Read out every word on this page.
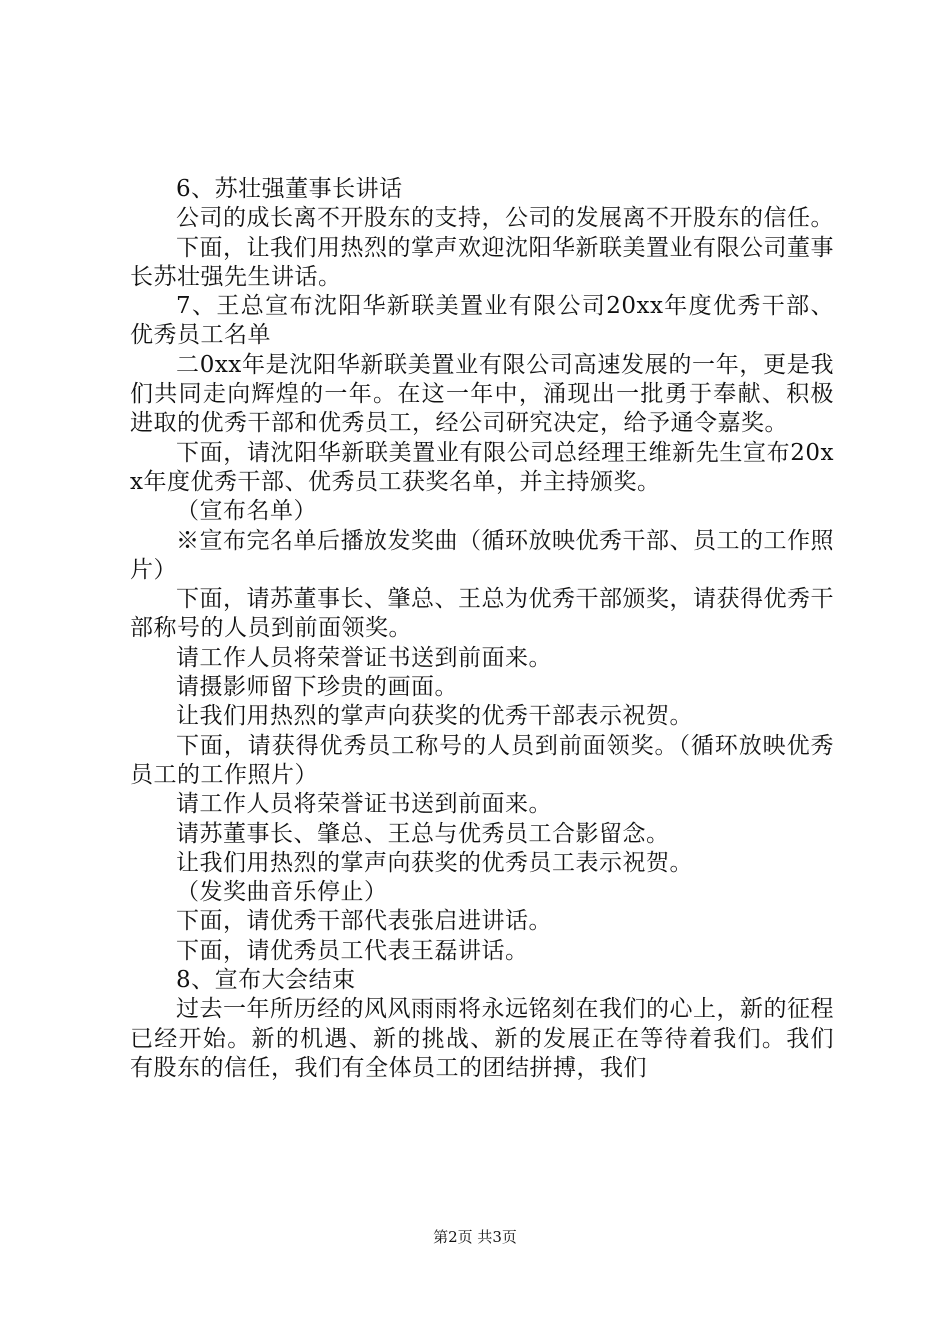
6、苏壮强董事长讲话

公司的成长离不开股东的支持，公司的发展离不开股东的信任。

下面，让我们用热烈的掌声欢迎沈阳华新联美置业有限公司董事长苏壮强先生讲话。

7、王总宣布沈阳华新联美置业有限公司20xx年度优秀干部、优秀员工名单

二0xx年是沈阳华新联美置业有限公司高速发展的一年，更是我们共同走向辉煌的一年。在这一年中，涌现出一批勇于奉献、积极进取的优秀干部和优秀员工，经公司研究决定，给予通令嘉奖。

下面，请沈阳华新联美置业有限公司总经理王维新先生宣布20xx年度优秀干部、优秀员工获奖名单，并主持颁奖。

（宣布名单）

※宣布完名单后播放发奖曲（循环放映优秀干部、员工的工作照片）

下面，请苏董事长、肇总、王总为优秀干部颁奖，请获得优秀干部称号的人员到前面领奖。

请工作人员将荣誉证书送到前面来。

请摄影师留下珍贵的画面。

让我们用热烈的掌声向获奖的优秀干部表示祝贺。

下面，请获得优秀员工称号的人员到前面领奖。（循环放映优秀员工的工作照片）

请工作人员将荣誉证书送到前面来。

请苏董事长、肇总、王总与优秀员工合影留念。

让我们用热烈的掌声向获奖的优秀员工表示祝贺。

（发奖曲音乐停止）

下面，请优秀干部代表张启进讲话。

下面，请优秀员工代表王磊讲话。

8、宣布大会结束

过去一年所历经的风风雨雨将永远铭刻在我们的心上，新的征程已经开始。新的机遇、新的挑战、新的发展正在等待着我们。我们有股东的信任，我们有全体员工的团结拼搏，我们

第2页 共3页
